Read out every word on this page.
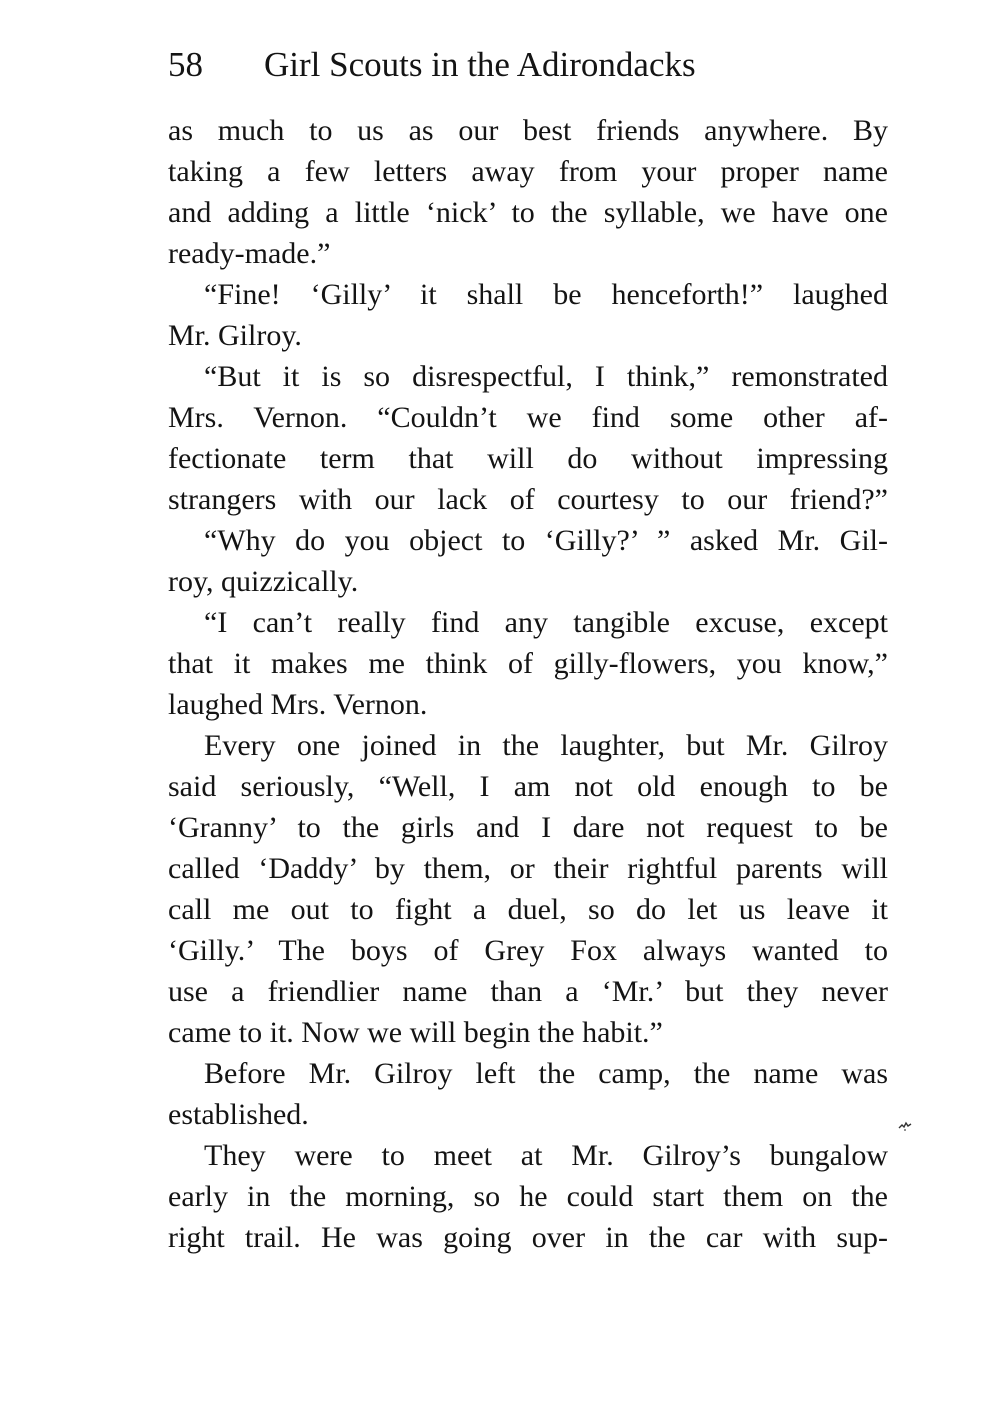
58 Girl Scouts in the Adirondacks
as much to us as our best friends anywhere. By
taking a few letters away from your proper name
and adding a little ‘nick’ to the syllable, we have one
ready-made.”
“Fine! ‘Gilly’ it shall be henceforth!” laughed
Mr. Gilroy.
“But it is so disrespectful, I think,” remonstrated
Mrs. Vernon. “Couldn’t we find some other af-
fectionate term that will do without impressing
strangers with our lack of courtesy to our friend?”
“Why do you object to ‘Gilly?’ ” asked Mr. Gil-
roy, quizzically.
“I can’t really find any tangible excuse, except
that it makes me think of gilly-flowers, you know,”
laughed Mrs. Vernon.
Every one joined in the laughter, but Mr. Gilroy
said seriously, “Well, I am not old enough to be
‘Granny’ to the girls and I dare not request to be
called ‘Daddy’ by them, or their rightful parents will
call me out to fight a duel, so do let us leave it
‘Gilly.’ The boys of Grey Fox always wanted to
use a friendlier name than a ‘Mr.’ but they never
came to it. Now we will begin the habit.”
Before Mr. Gilroy left the camp, the name was
established.
They were to meet at Mr. Gilroy’s bungalow
early in the morning, so he could start them on the
right trail. He was going over in the car with sup-
